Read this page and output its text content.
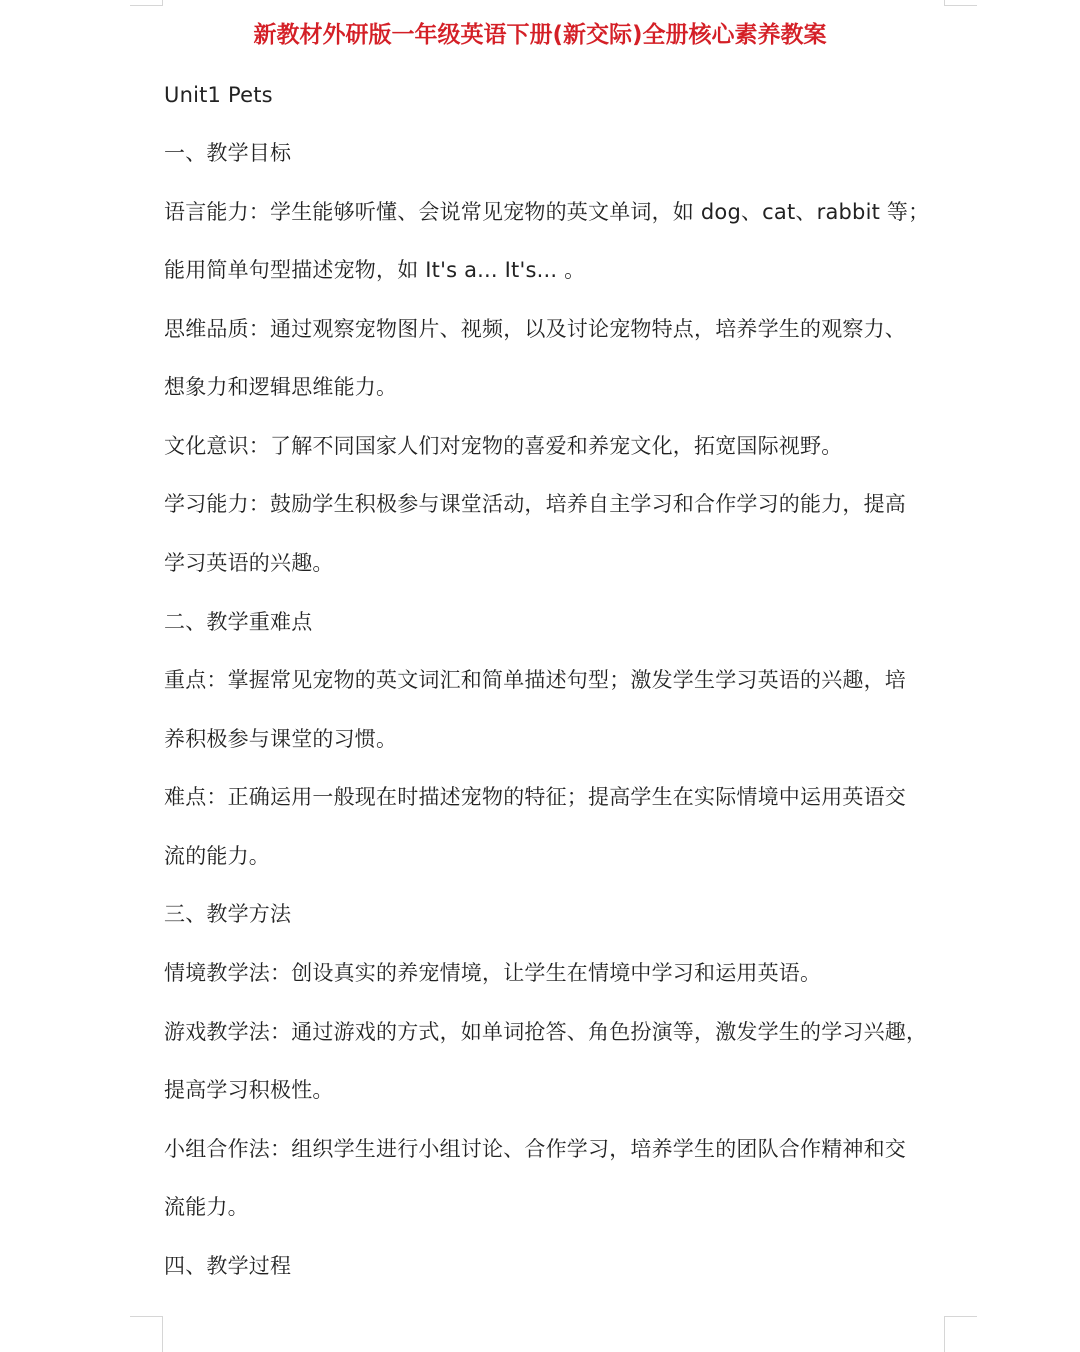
新教材外研版一年级英语下册(新交际)全册核心素养教案
Unit1 Pets
一、教学目标
语言能力：学生能够听懂、会说常见宠物的英文单词，如 dog、cat、rabbit 等；
能用简单句型描述宠物，如 It's a... It's... 。
思维品质：通过观察宠物图片、视频，以及讨论宠物特点，培养学生的观察力、
想象力和逻辑思维能力。
文化意识：了解不同国家人们对宠物的喜爱和养宠文化，拓宽国际视野。
学习能力：鼓励学生积极参与课堂活动，培养自主学习和合作学习的能力，提高
学习英语的兴趣。
二、教学重难点
重点：掌握常见宠物的英文词汇和简单描述句型；激发学生学习英语的兴趣，培
养积极参与课堂的习惯。
难点：正确运用一般现在时描述宠物的特征；提高学生在实际情境中运用英语交
流的能力。
三、教学方法
情境教学法：创设真实的养宠情境，让学生在情境中学习和运用英语。
游戏教学法：通过游戏的方式，如单词抢答、角色扮演等，激发学生的学习兴趣，
提高学习积极性。
小组合作法：组织学生进行小组讨论、合作学习，培养学生的团队合作精神和交
流能力。
四、教学过程
